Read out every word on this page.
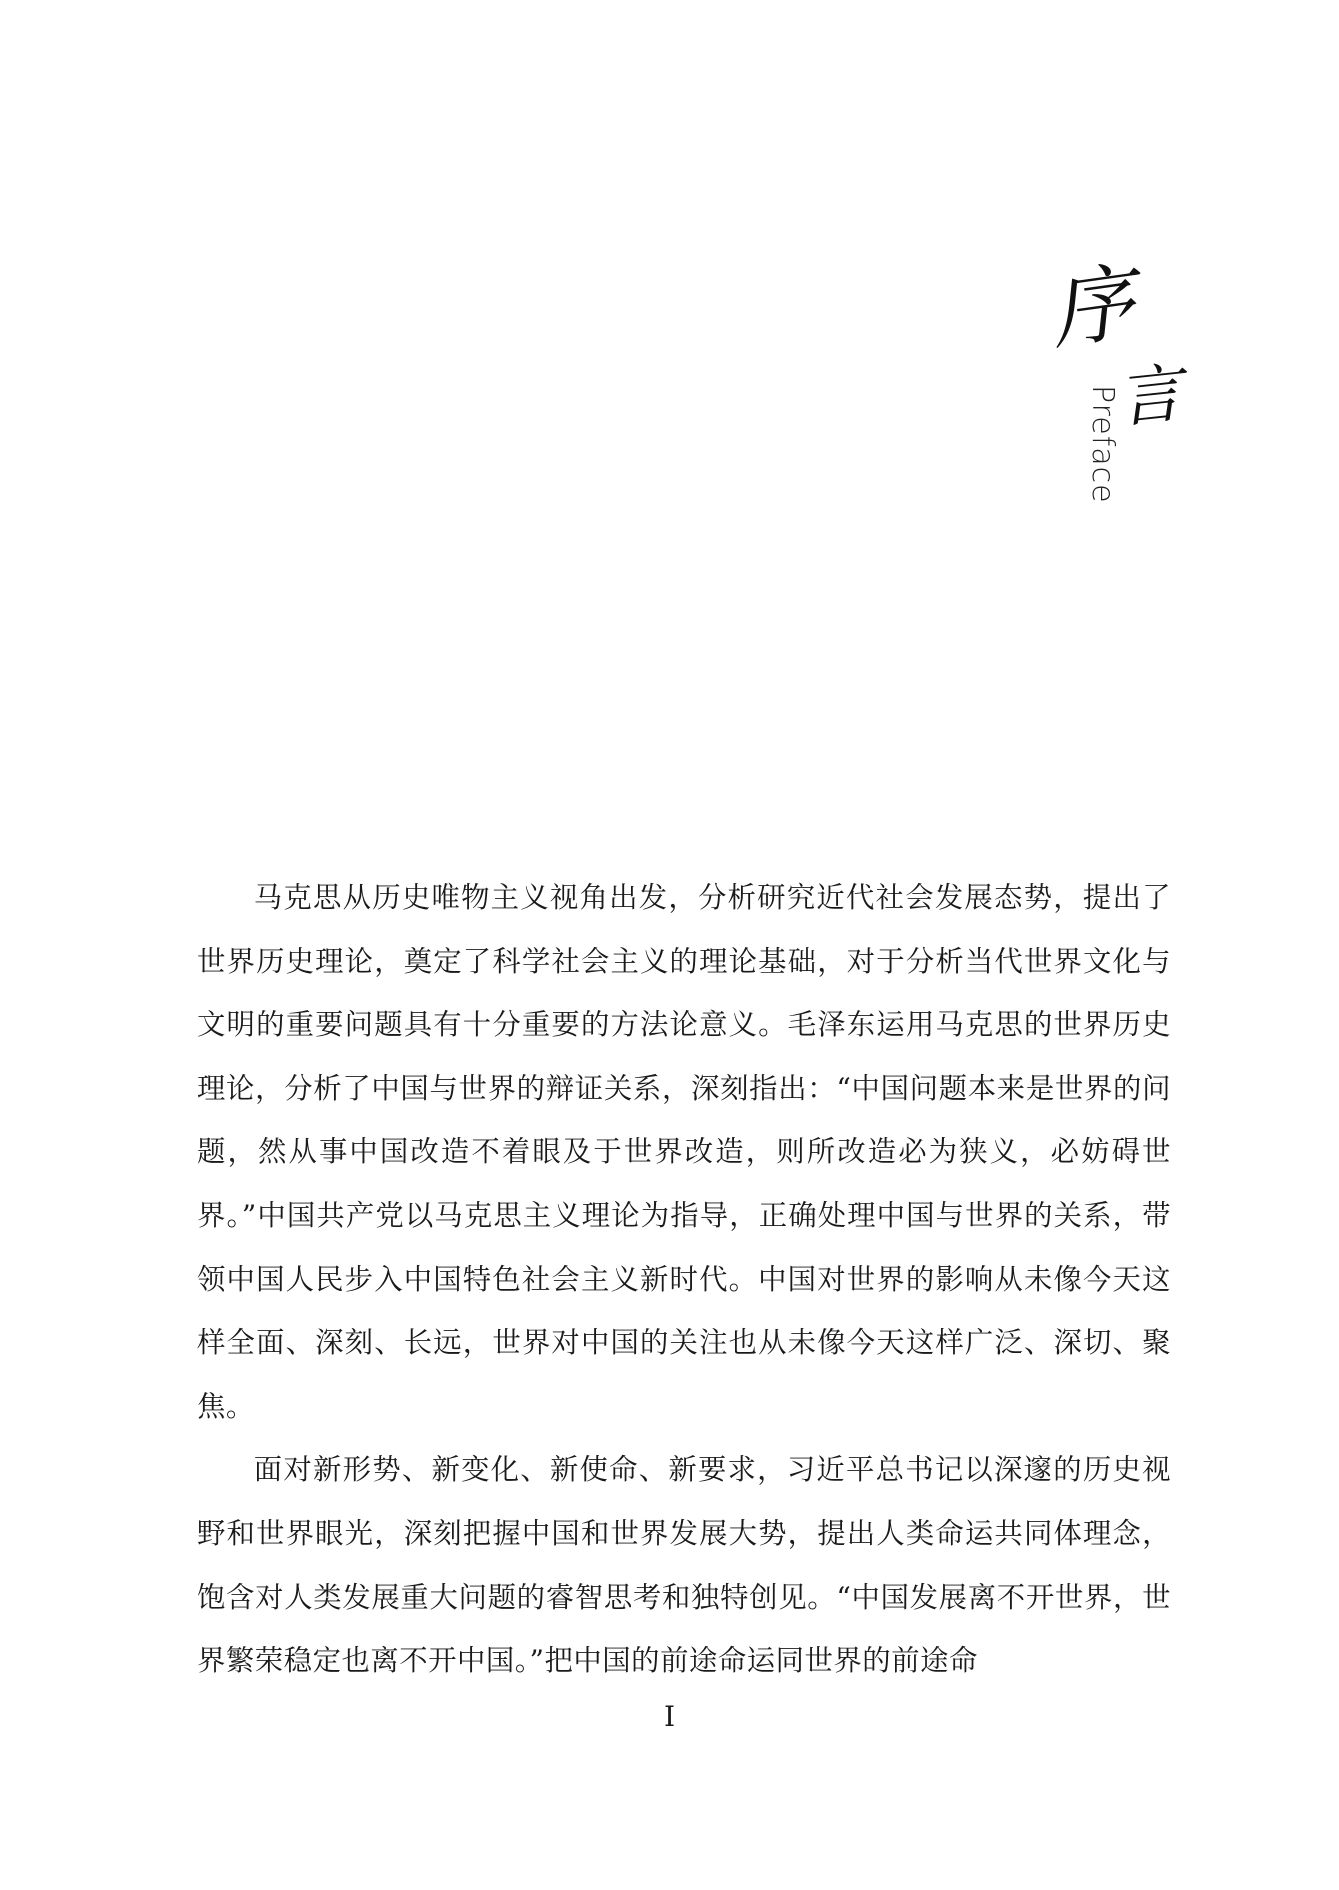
序
Preface
言

马克思从历史唯物主义视角出发，分析研究近代社会发展态势，提出了世界历史理论，奠定了科学社会主义的理论基础，对于分析当代世界文化与文明的重要问题具有十分重要的方法论意义。毛泽东运用马克思的世界历史理论，分析了中国与世界的辩证关系，深刻指出：“中国问题本来是世界的问题，然从事中国改造不着眼及于世界改造，则所改造必为狭义，必妨碍世界。”中国共产党以马克思主义理论为指导，正确处理中国与世界的关系，带领中国人民步入中国特色社会主义新时代。中国对世界的影响从未像今天这样全面、深刻、长远，世界对中国的关注也从未像今天这样广泛、深切、聚焦。

面对新形势、新变化、新使命、新要求，习近平总书记以深邃的历史视野和世界眼光，深刻把握中国和世界发展大势，提出人类命运共同体理念，饱含对人类发展重大问题的睿智思考和独特创见。“中国发展离不开世界，世界繁荣稳定也离不开中国。”把中国的前途命运同世界的前途命

I
